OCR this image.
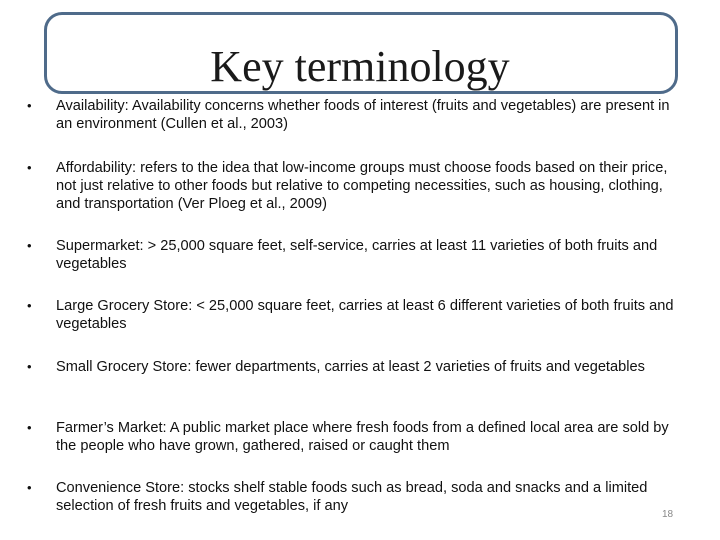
Key terminology
• Availability: Availability concerns whether foods of interest (fruits and vegetables) are present in an environment (Cullen et al., 2003)
• Affordability: refers to the idea that low-income groups must choose foods based on their price, not just relative to other foods but relative to competing necessities, such as housing, clothing, and transportation (Ver Ploeg et al., 2009)
• Supermarket: > 25,000 square feet, self-service, carries at least 11 varieties of both fruits and vegetables
• Large Grocery Store: < 25,000 square feet, carries at least 6 different varieties of both fruits and vegetables
• Small Grocery Store: fewer departments, carries at least 2 varieties of fruits and vegetables
• Farmer’s Market: A public market place where fresh foods from a defined local area are sold by the people who have grown, gathered, raised or caught them
• Convenience Store: stocks shelf stable foods such as bread, soda and snacks and a limited selection of fresh fruits and vegetables, if any
18
